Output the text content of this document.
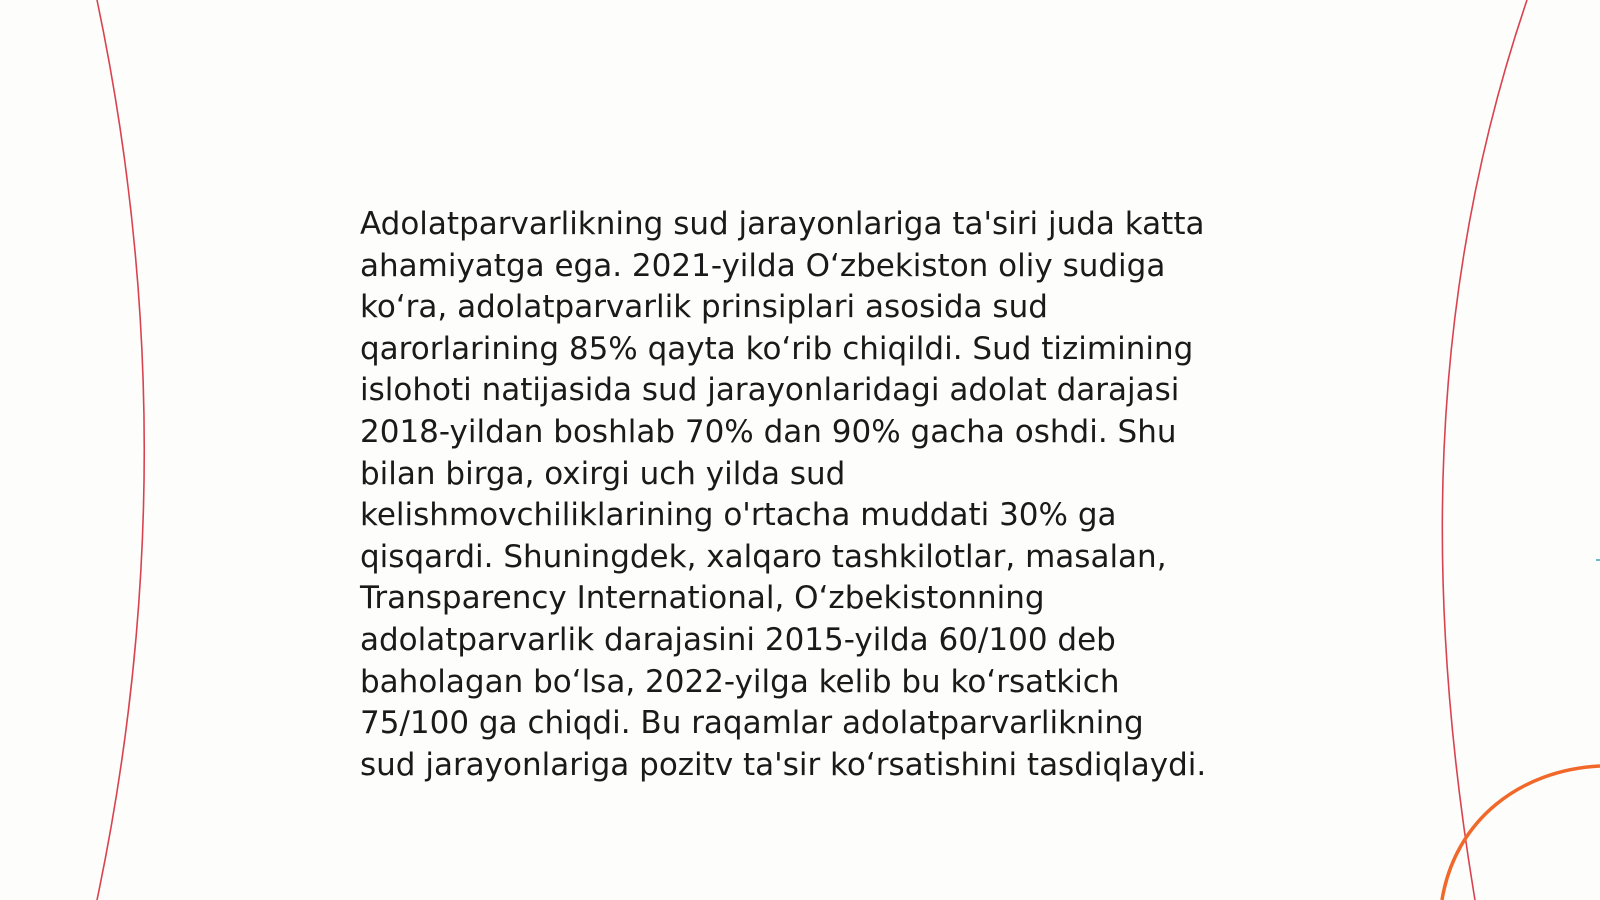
Adolatparvarlikning sud jarayonlariga ta'siri juda katta
ahamiyatga ega. 2021-yilda O‘zbekiston oliy sudiga
ko‘ra, adolatparvarlik prinsiplari asosida sud
qarorlarining 85% qayta ko‘rib chiqildi. Sud tizimining
islohoti natijasida sud jarayonlaridagi adolat darajasi
2018-yildan boshlab 70% dan 90% gacha oshdi. Shu
bilan birga, oxirgi uch yilda sud
kelishmovchiliklarining o'rtacha muddati 30% ga
qisqardi. Shuningdek, xalqaro tashkilotlar, masalan,
Transparency International, O‘zbekistonning
adolatparvarlik darajasini 2015-yilda 60/100 deb
baholagan bo‘lsa, 2022-yilga kelib bu ko‘rsatkich
75/100 ga chiqdi. Bu raqamlar adolatparvarlikning
sud jarayonlariga pozitv ta'sir ko‘rsatishini tasdiqlaydi.
